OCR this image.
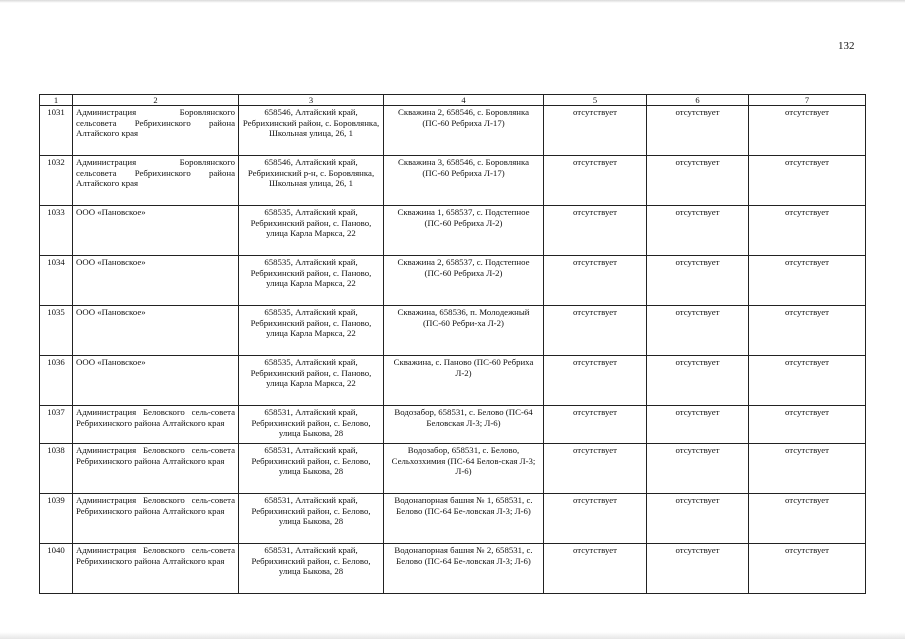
132
1	2	3	4	5	6	7
1031	Администрация Боровлянского сельсовета Ребрихинского района Алтайского края	658546, Алтайский край, Ребрихинский район, с. Боровлянка, Школьная улица, 26, 1	Скважина 2, 658546, с. Боровлянка (ПС-60 Ребриха Л-17)	отсутствует	отсутствует	отсутствует
1032	Администрация Боровлянского сельсовета Ребрихинского района Алтайского края	658546, Алтайский край, Ребрихинский р-н, с. Боровлянка, Школьная улица, 26, 1	Скважина 3, 658546, с. Боровлянка (ПС-60 Ребриха Л-17)	отсутствует	отсутствует	отсутствует
1033	ООО «Пановское»	658535, Алтайский край, Ребрихинский район, с. Паново, улица Карла Маркса, 22	Скважина 1, 658537, с. Подстепное (ПС-60 Ребриха Л-2)	отсутствует	отсутствует	отсутствует
1034	ООО «Пановское»	658535, Алтайский край, Ребрихинский район, с. Паново, улица Карла Маркса, 22	Скважина 2, 658537, с. Подстепное (ПС-60 Ребриха Л-2)	отсутствует	отсутствует	отсутствует
1035	ООО «Пановское»	658535, Алтайский край, Ребрихинский район, с. Паново, улица Карла Маркса, 22	Скважина, 658536, п. Молодежный (ПС-60 Ребри-ха Л-2)	отсутствует	отсутствует	отсутствует
1036	ООО «Пановское»	658535, Алтайский край, Ребрихинский район, с. Паново, улица Карла Маркса, 22	Скважина, с. Паново (ПС-60 Ребриха Л-2)	отсутствует	отсутствует	отсутствует
1037	Администрация Беловского сель-совета Ребрихинского района Алтайского края	658531, Алтайский край, Ребрихинский район, с. Белово, улица Быкова, 28	Водозабор, 658531, с. Белово (ПС-64 Беловская Л-3; Л-6)	отсутствует	отсутствует	отсутствует
1038	Администрация Беловского сель-совета Ребрихинского района Алтайского края	658531, Алтайский край, Ребрихинский район, с. Белово, улица Быкова, 28	Водозабор, 658531, с. Белово, Сельхозхимия (ПС-64 Белов-ская Л-3; Л-6)	отсутствует	отсутствует	отсутствует
1039	Администрация Беловского сель-совета Ребрихинского района Алтайского края	658531, Алтайский край, Ребрихинский район, с. Белово, улица Быкова, 28	Водонапорная башня № 1, 658531, с. Белово (ПС-64 Бе-ловская Л-3; Л-6)	отсутствует	отсутствует	отсутствует
1040	Администрация Беловского сель-совета Ребрихинского района Алтайского края	658531, Алтайский край, Ребрихинский район, с. Белово, улица Быкова, 28	Водонапорная башня № 2, 658531, с. Белово (ПС-64 Бе-ловская Л-3; Л-6)	отсутствует	отсутствует	отсутствует
